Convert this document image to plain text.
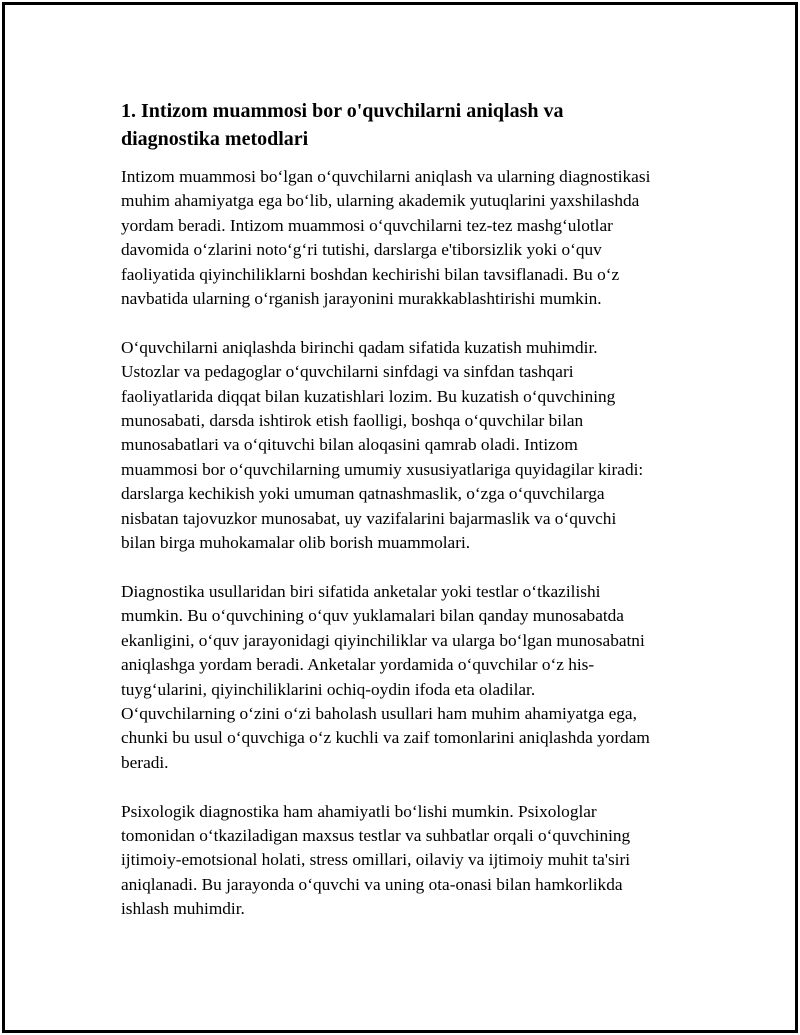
1. Intizom muammosi bor o'quvchilarni aniqlash va
diagnostika metodlari

Intizom muammosi bo‘lgan o‘quvchilarni aniqlash va ularning diagnostikasi
muhim ahamiyatga ega bo‘lib, ularning akademik yutuqlarini yaxshilashda
yordam beradi. Intizom muammosi o‘quvchilarni tez-tez mashg‘ulotlar
davomida o‘zlarini noto‘g‘ri tutishi, darslarga e'tiborsizlik yoki o‘quv
faoliyatida qiyinchiliklarni boshdan kechirishi bilan tavsiflanadi. Bu o‘z
navbatida ularning o‘rganish jarayonini murakkablashtirishi mumkin.

O‘quvchilarni aniqlashda birinchi qadam sifatida kuzatish muhimdir.
Ustozlar va pedagoglar o‘quvchilarni sinfdagi va sinfdan tashqari
faoliyatlarida diqqat bilan kuzatishlari lozim. Bu kuzatish o‘quvchining
munosabati, darsda ishtirok etish faolligi, boshqa o‘quvchilar bilan
munosabatlari va o‘qituvchi bilan aloqasini qamrab oladi. Intizom
muammosi bor o‘quvchilarning umumiy xususiyatlariga quyidagilar kiradi:
darslarga kechikish yoki umuman qatnashmaslik, o‘zga o‘quvchilarga
nisbatan tajovuzkor munosabat, uy vazifalarini bajarmaslik va o‘quvchi
bilan birga muhokamalar olib borish muammolari.

Diagnostika usullaridan biri sifatida anketalar yoki testlar o‘tkazilishi
mumkin. Bu o‘quvchining o‘quv yuklamalari bilan qanday munosabatda
ekanligini, o‘quv jarayonidagi qiyinchiliklar va ularga bo‘lgan munosabatni
aniqlashga yordam beradi. Anketalar yordamida o‘quvchilar o‘z his-
tuyg‘ularini, qiyinchiliklarini ochiq-oydin ifoda eta oladilar.
O‘quvchilarning o‘zini o‘zi baholash usullari ham muhim ahamiyatga ega,
chunki bu usul o‘quvchiga o‘z kuchli va zaif tomonlarini aniqlashda yordam
beradi.

Psixologik diagnostika ham ahamiyatli bo‘lishi mumkin. Psixologlar
tomonidan o‘tkaziladigan maxsus testlar va suhbatlar orqali o‘quvchining
ijtimoiy-emotsional holati, stress omillari, oilaviy va ijtimoiy muhit ta'siri
aniqlanadi. Bu jarayonda o‘quvchi va uning ota-onasi bilan hamkorlikda
ishlash muhimdir.
